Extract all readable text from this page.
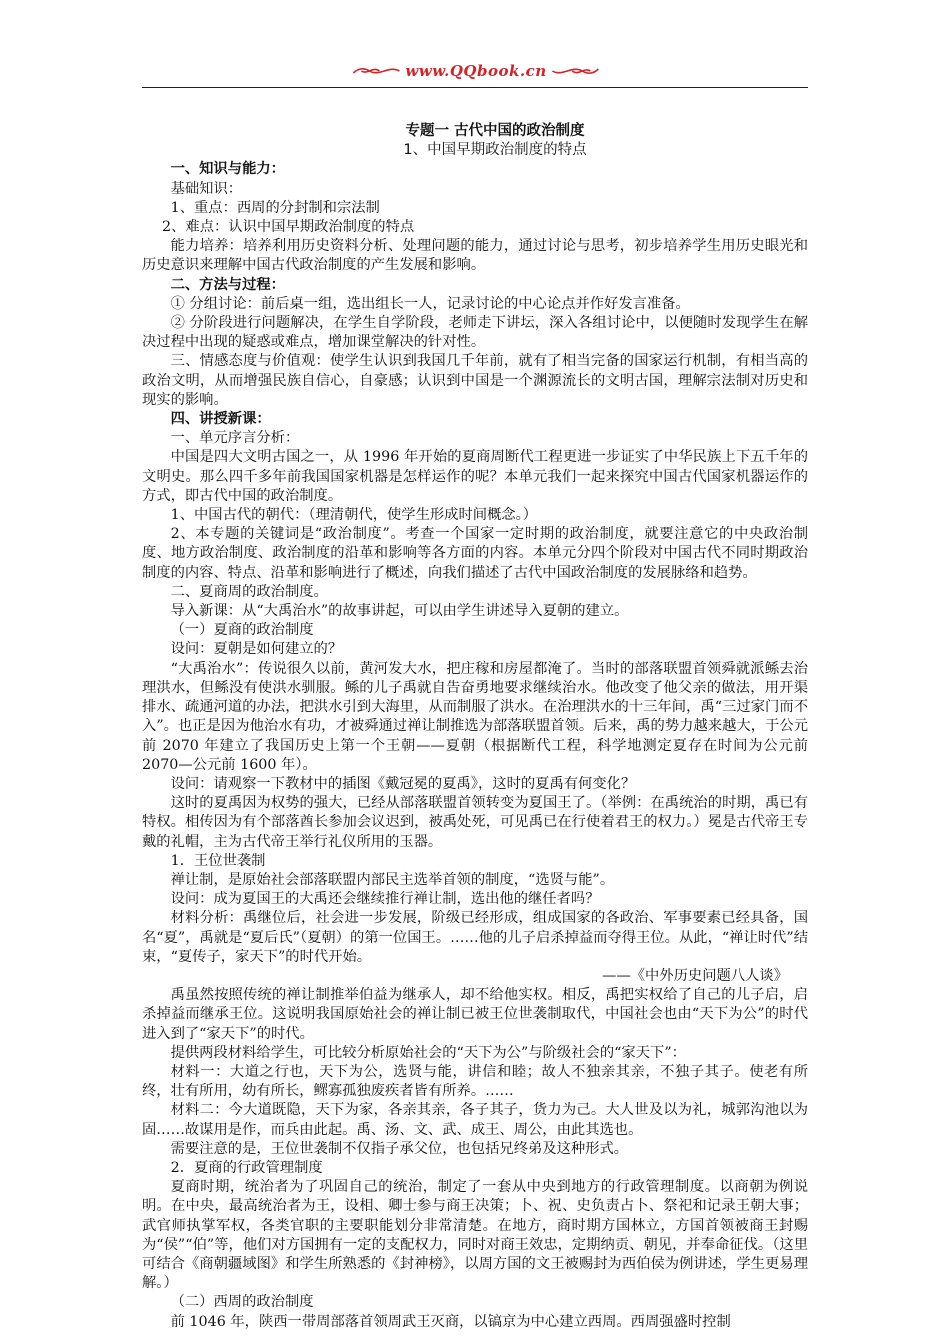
www.QQbook.cn
专题一 古代中国的政治制度
1、中国早期政治制度的特点

一、知识与能力：

基础知识：

1、重点：西周的分封制和宗法制

2、难点：认识中国早期政治制度的特点

能力培养：培养利用历史资料分析、处理问题的能力，通过讨论与思考，初步培养学生用历史眼光和历史意识来理解中国古代政治制度的产生发展和影响。

二、方法与过程：

① 分组讨论：前后桌一组，选出组长一人，记录讨论的中心论点并作好发言准备。

② 分阶段进行问题解决，在学生自学阶段，老师走下讲坛，深入各组讨论中，以便随时发现学生在解决过程中出现的疑惑或难点，增加课堂解决的针对性。

三、情感态度与价值观：使学生认识到我国几千年前，就有了相当完备的国家运行机制，有相当高的政治文明，从而增强民族自信心，自豪感；认识到中国是一个渊源流长的文明古国，理解宗法制对历史和现实的影响。

四、讲授新课：

一、单元序言分析：

中国是四大文明古国之一，从 1996 年开始的夏商周断代工程更进一步证实了中华民族上下五千年的文明史。那么四千多年前我国国家机器是怎样运作的呢？本单元我们一起来探究中国古代国家机器运作的方式，即古代中国的政治制度。

1、中国古代的朝代：（理清朝代，使学生形成时间概念。）

2、本专题的关键词是“政治制度”。考查一个国家一定时期的政治制度，就要注意它的中央政治制度、地方政治制度、政治制度的沿革和影响等各方面的内容。本单元分四个阶段对中国古代不同时期政治制度的内容、特点、沿革和影响进行了概述，向我们描述了古代中国政治制度的发展脉络和趋势。

二、夏商周的政治制度。

导入新课：从“大禹治水”的故事讲起，可以由学生讲述导入夏朝的建立。

（一）夏商的政治制度

设问：夏朝是如何建立的？

“大禹治水”：传说很久以前，黄河发大水，把庄稼和房屋都淹了。当时的部落联盟首领舜就派鲧去治理洪水，但鲧没有使洪水驯服。鲧的儿子禹就自告奋勇地要求继续治水。他改变了他父亲的做法，用开渠排水、疏通河道的办法，把洪水引到大海里，从而制服了洪水。在治理洪水的十三年间，禹“三过家门而不入”。也正是因为他治水有功，才被舜通过禅让制推选为部落联盟首领。后来，禹的势力越来越大，于公元前 2070 年建立了我国历史上第一个王朝——夏朝（根据断代工程，科学地测定夏存在时间为公元前 2070—公元前 1600 年）。

设问：请观察一下教材中的插图《戴冠冕的夏禹》，这时的夏禹有何变化？

这时的夏禹因为权势的强大，已经从部落联盟首领转变为夏国王了。（举例：在禹统治的时期，禹已有特权。相传因为有个部落酋长参加会议迟到，被禹处死，可见禹已在行使着君王的权力。）冕是古代帝王专戴的礼帽，主为古代帝王举行礼仪所用的玉器。

1．王位世袭制

禅让制，是原始社会部落联盟内部民主选举首领的制度，“选贤与能”。

设问：成为夏国王的大禹还会继续推行禅让制，选出他的继任者吗？

材料分析：禹继位后，社会进一步发展，阶级已经形成，组成国家的各政治、军事要素已经具备，国名“夏”，禹就是“夏后氏”（夏朝）的第一位国王。……他的儿子启杀掉益而夺得王位。从此，“禅让时代”结束，“夏传子，家天下”的时代开始。

——《中外历史问题八人谈》

禹虽然按照传统的禅让制推举伯益为继承人，却不给他实权。相反，禹把实权给了自己的儿子启，启杀掉益而继承王位。这说明我国原始社会的禅让制已被王位世袭制取代，中国社会也由“天下为公”的时代进入到了“家天下”的时代。

提供两段材料给学生，可比较分析原始社会的“天下为公”与阶级社会的“家天下”：

材料一：大道之行也，天下为公，选贤与能，讲信和睦；故人不独亲其亲，不独子其子。使老有所终，壮有所用，幼有所长，鳏寡孤独废疾者皆有所养。……

材料二：今大道既隐，天下为家，各亲其亲，各子其子，货力为己。大人世及以为礼，城郭沟池以为固……故谋用是作，而兵由此起。禹、汤、文、武、成王、周公，由此其选也。

需要注意的是，王位世袭制不仅指子承父位，也包括兄终弟及这种形式。

2．夏商的行政管理制度

夏商时期，统治者为了巩固自己的统治，制定了一套从中央到地方的行政管理制度。以商朝为例说明。在中央，最高统治者为王，设相、卿士参与商王决策；卜、祝、史负责占卜、祭祀和记录王朝大事；武官师执掌军权，各类官职的主要职能划分非常清楚。在地方，商时期方国林立，方国首领被商王封赐为“侯”“伯”等，他们对方国拥有一定的支配权力，同时对商王效忠，定期纳贡、朝见，并奉命征伐。（这里可结合《商朝疆域图》和学生所熟悉的《封神榜》，以周方国的文王被赐封为西伯侯为例讲述，学生更易理解。）

（二）西周的政治制度

前 1046 年，陕西一带周部落首领周武王灭商，以镐京为中心建立西周。西周强盛时控制
